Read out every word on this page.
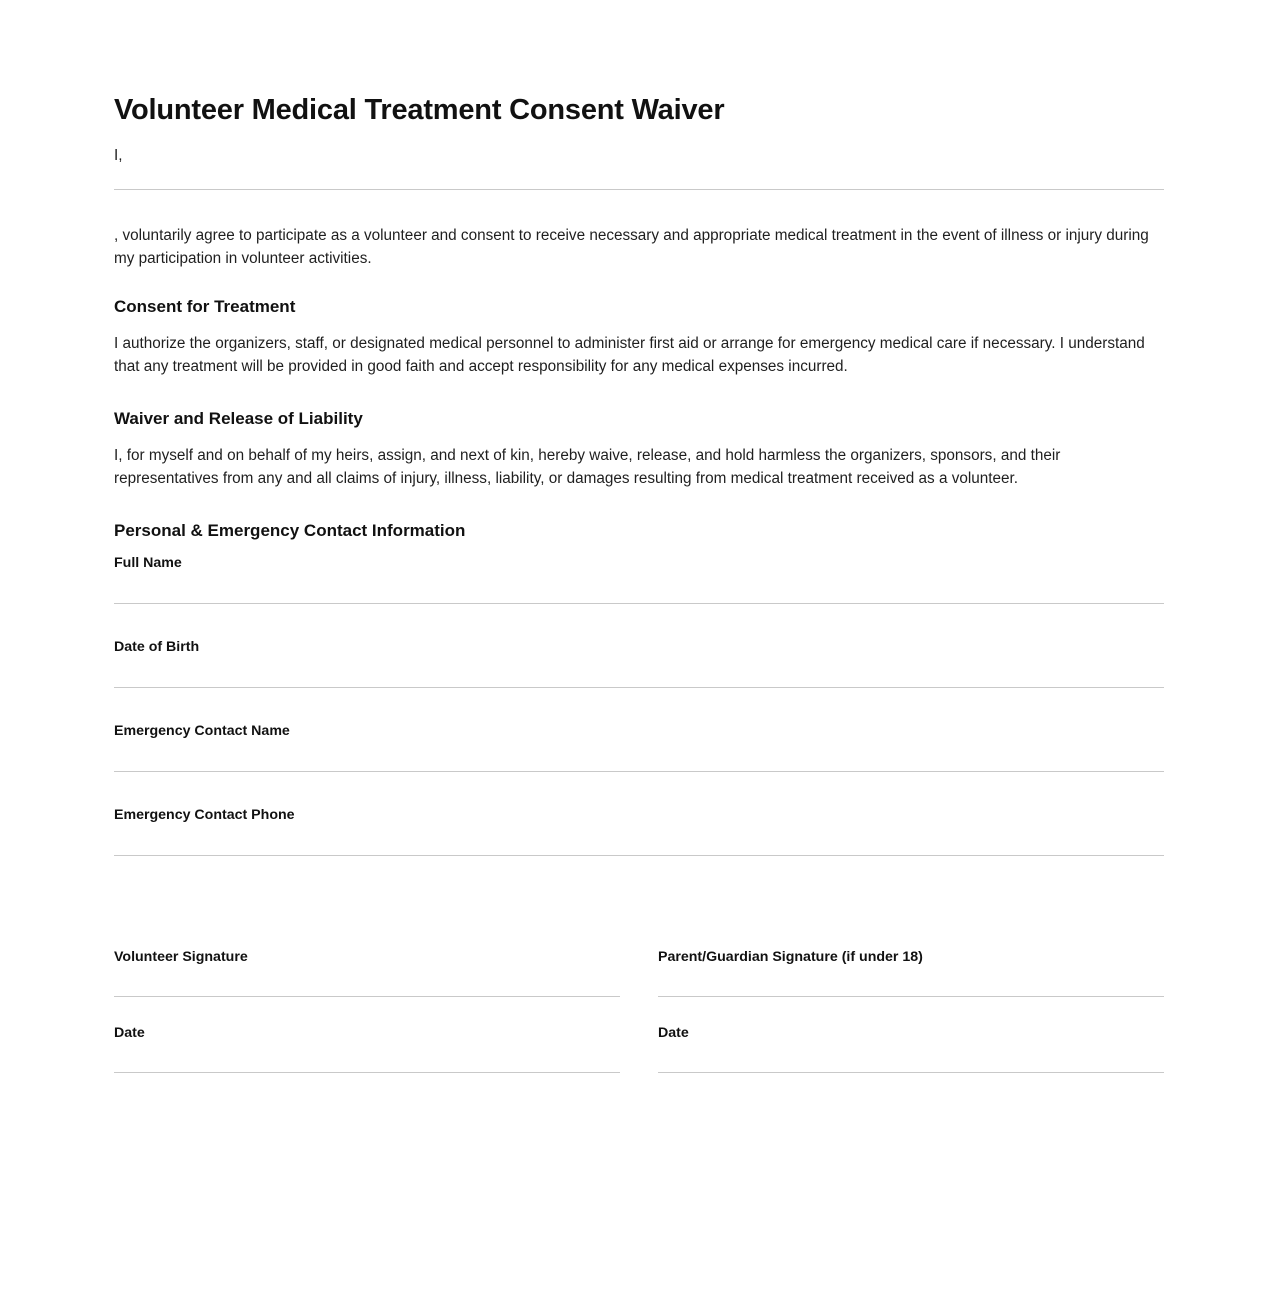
Volunteer Medical Treatment Consent Waiver

I,

, voluntarily agree to participate as a volunteer and consent to receive necessary and appropriate medical treatment in the event of illness or injury during my participation in volunteer activities.

Consent for Treatment

I authorize the organizers, staff, or designated medical personnel to administer first aid or arrange for emergency medical care if necessary. I understand that any treatment will be provided in good faith and accept responsibility for any medical expenses incurred.

Waiver and Release of Liability

I, for myself and on behalf of my heirs, assign, and next of kin, hereby waive, release, and hold harmless the organizers, sponsors, and their representatives from any and all claims of injury, illness, liability, or damages resulting from medical treatment received as a volunteer.

Personal & Emergency Contact Information

Full Name

Date of Birth

Emergency Contact Name

Emergency Contact Phone

Volunteer Signature

Date

Parent/Guardian Signature (if under 18)

Date
